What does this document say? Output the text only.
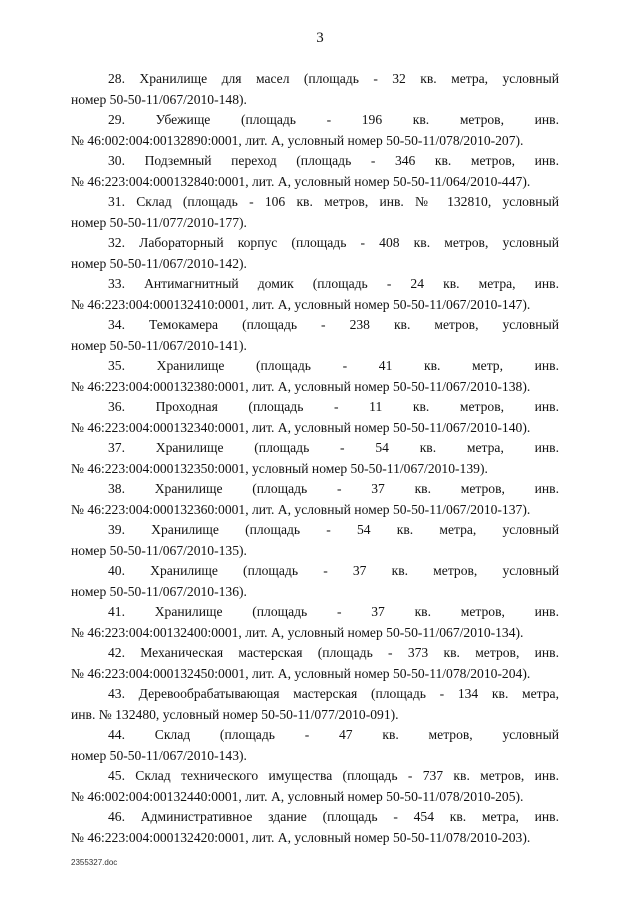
3

28. Хранилище для масел (площадь - 32 кв. метра, условный
номер 50-50-11/067/2010-148).

29. Убежище (площадь - 196 кв. метров, инв.
№ 46:002:004:00132890:0001, лит. А, условный номер 50-50-11/078/2010-207).

30. Подземный переход (площадь - 346 кв. метров, инв.
№ 46:223:004:000132840:0001, лит. А, условный номер 50-50-11/064/2010-447).

31. Склад (площадь - 106 кв. метров, инв. № 132810, условный
номер 50-50-11/077/2010-177).

32. Лабораторный корпус (площадь - 408 кв. метров, условный
номер 50-50-11/067/2010-142).

33. Антимагнитный домик (площадь - 24 кв. метра, инв.
№ 46:223:004:000132410:0001, лит. А, условный номер 50-50-11/067/2010-147).

34. Темокамера (площадь - 238 кв. метров, условный
номер 50-50-11/067/2010-141).

35. Хранилище (площадь - 41 кв. метр, инв.
№ 46:223:004:000132380:0001, лит. А, условный номер 50-50-11/067/2010-138).

36. Проходная (площадь - 11 кв. метров, инв.
№ 46:223:004:000132340:0001, лит. А, условный номер 50-50-11/067/2010-140).

37. Хранилище (площадь - 54 кв. метра, инв.
№ 46:223:004:000132350:0001, условный номер 50-50-11/067/2010-139).

38. Хранилище (площадь - 37 кв. метров, инв.
№ 46:223:004:000132360:0001, лит. А, условный номер 50-50-11/067/2010-137).

39. Хранилище (площадь - 54 кв. метра, условный
номер 50-50-11/067/2010-135).

40. Хранилище (площадь - 37 кв. метров, условный
номер 50-50-11/067/2010-136).

41. Хранилище (площадь - 37 кв. метров, инв.
№ 46:223:004:00132400:0001, лит. А, условный номер 50-50-11/067/2010-134).

42. Механическая мастерская (площадь - 373 кв. метров, инв.
№ 46:223:004:000132450:0001, лит. А, условный номер 50-50-11/078/2010-204).

43. Деревообрабатывающая мастерская (площадь - 134 кв. метра,
инв. № 132480, условный номер 50-50-11/077/2010-091).

44. Склад (площадь - 47 кв. метров, условный
номер 50-50-11/067/2010-143).

45. Склад технического имущества (площадь - 737 кв. метров, инв.
№ 46:002:004:00132440:0001, лит. А, условный номер 50-50-11/078/2010-205).

46. Административное здание (площадь - 454 кв. метра, инв.
№ 46:223:004:000132420:0001, лит. А, условный номер 50-50-11/078/2010-203).

2355327.doc
